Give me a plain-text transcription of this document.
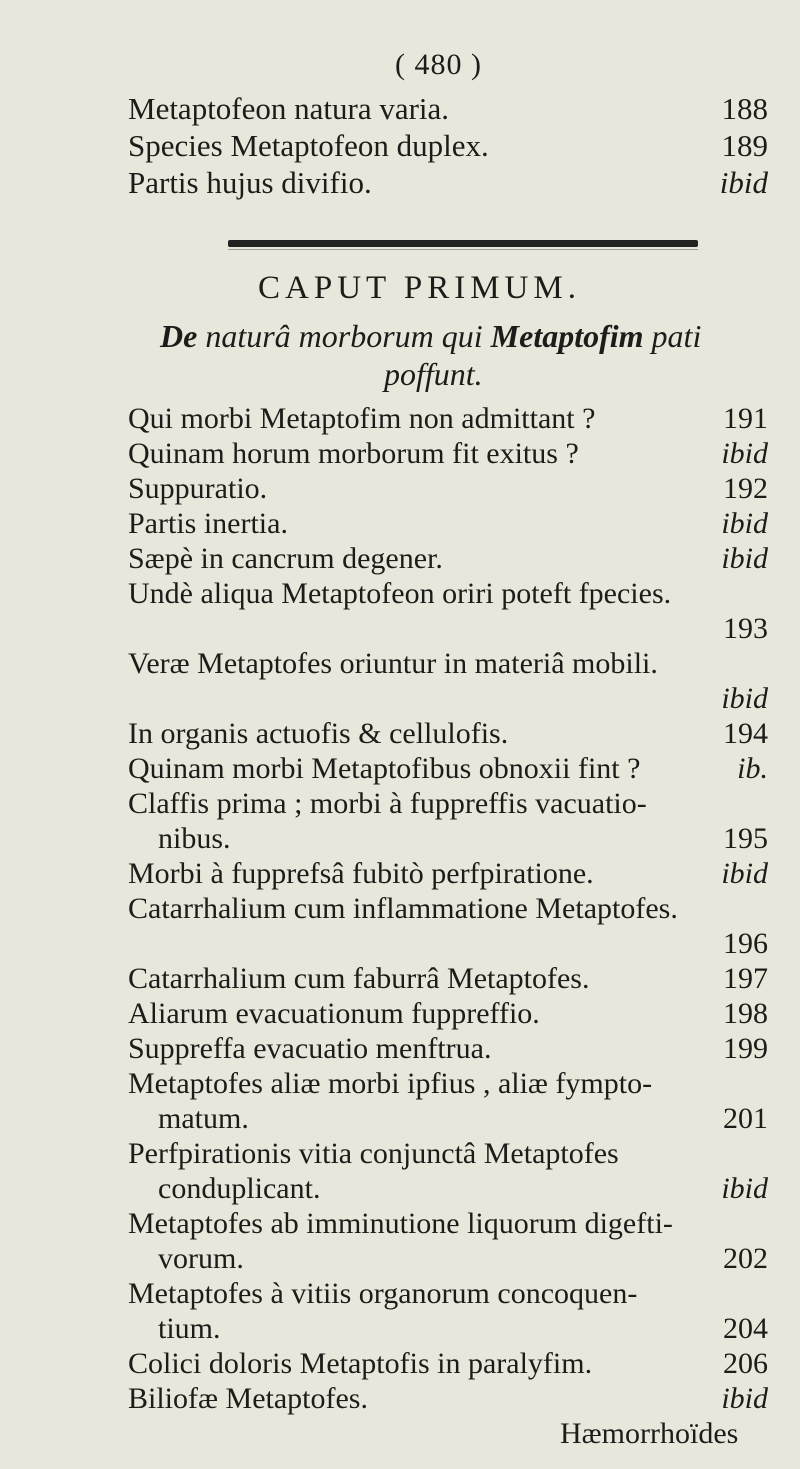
( 480 )
Metaptofeon natura varia.	188
Species Metaptofeon duplex.	189
Partis hujus divifio.	ibid
CAPUT PRIMUM.
De naturâ morborum qui Metaptofim pati
poffunt.
Qui morbi Metaptofim non admittant ?	191
Quinam horum morborum fit exitus ?	ibid
Suppuratio.	192
Partis inertia.	ibid
Sæpè in cancrum degener.	ibid
Undè aliqua Metaptofeon oriri poteft fpecies.
193
Veræ Metaptofes oriuntur in materiâ mobili.
ibid
In organis actuofis & cellulofis.	194
Quinam morbi Metaptofibus obnoxii fint ?	ib.
Claffis prima ; morbi à fuppreffis vacuatio-
nibus.	195
Morbi à fupprefsâ fubitò perfpiratione.	ibid
Catarrhalium cum inflammatione Metaptofes.
196
Catarrhalium cum faburrâ Metaptofes.	197
Aliarum evacuationum fuppreffio.	198
Suppreffa evacuatio menftrua.	199
Metaptofes aliæ morbi ipfius , aliæ fympto-
matum.	201
Perfpirationis vitia conjunctâ Metaptofes
conduplicant.	ibid
Metaptofes ab imminutione liquorum digefti-
vorum.	202
Metaptofes à vitiis organorum concoquen-
tium.	204
Colici doloris Metaptofis in paralyfim.	206
Biliofæ Metaptofes.	ibid
Hæmorrhoïdes
